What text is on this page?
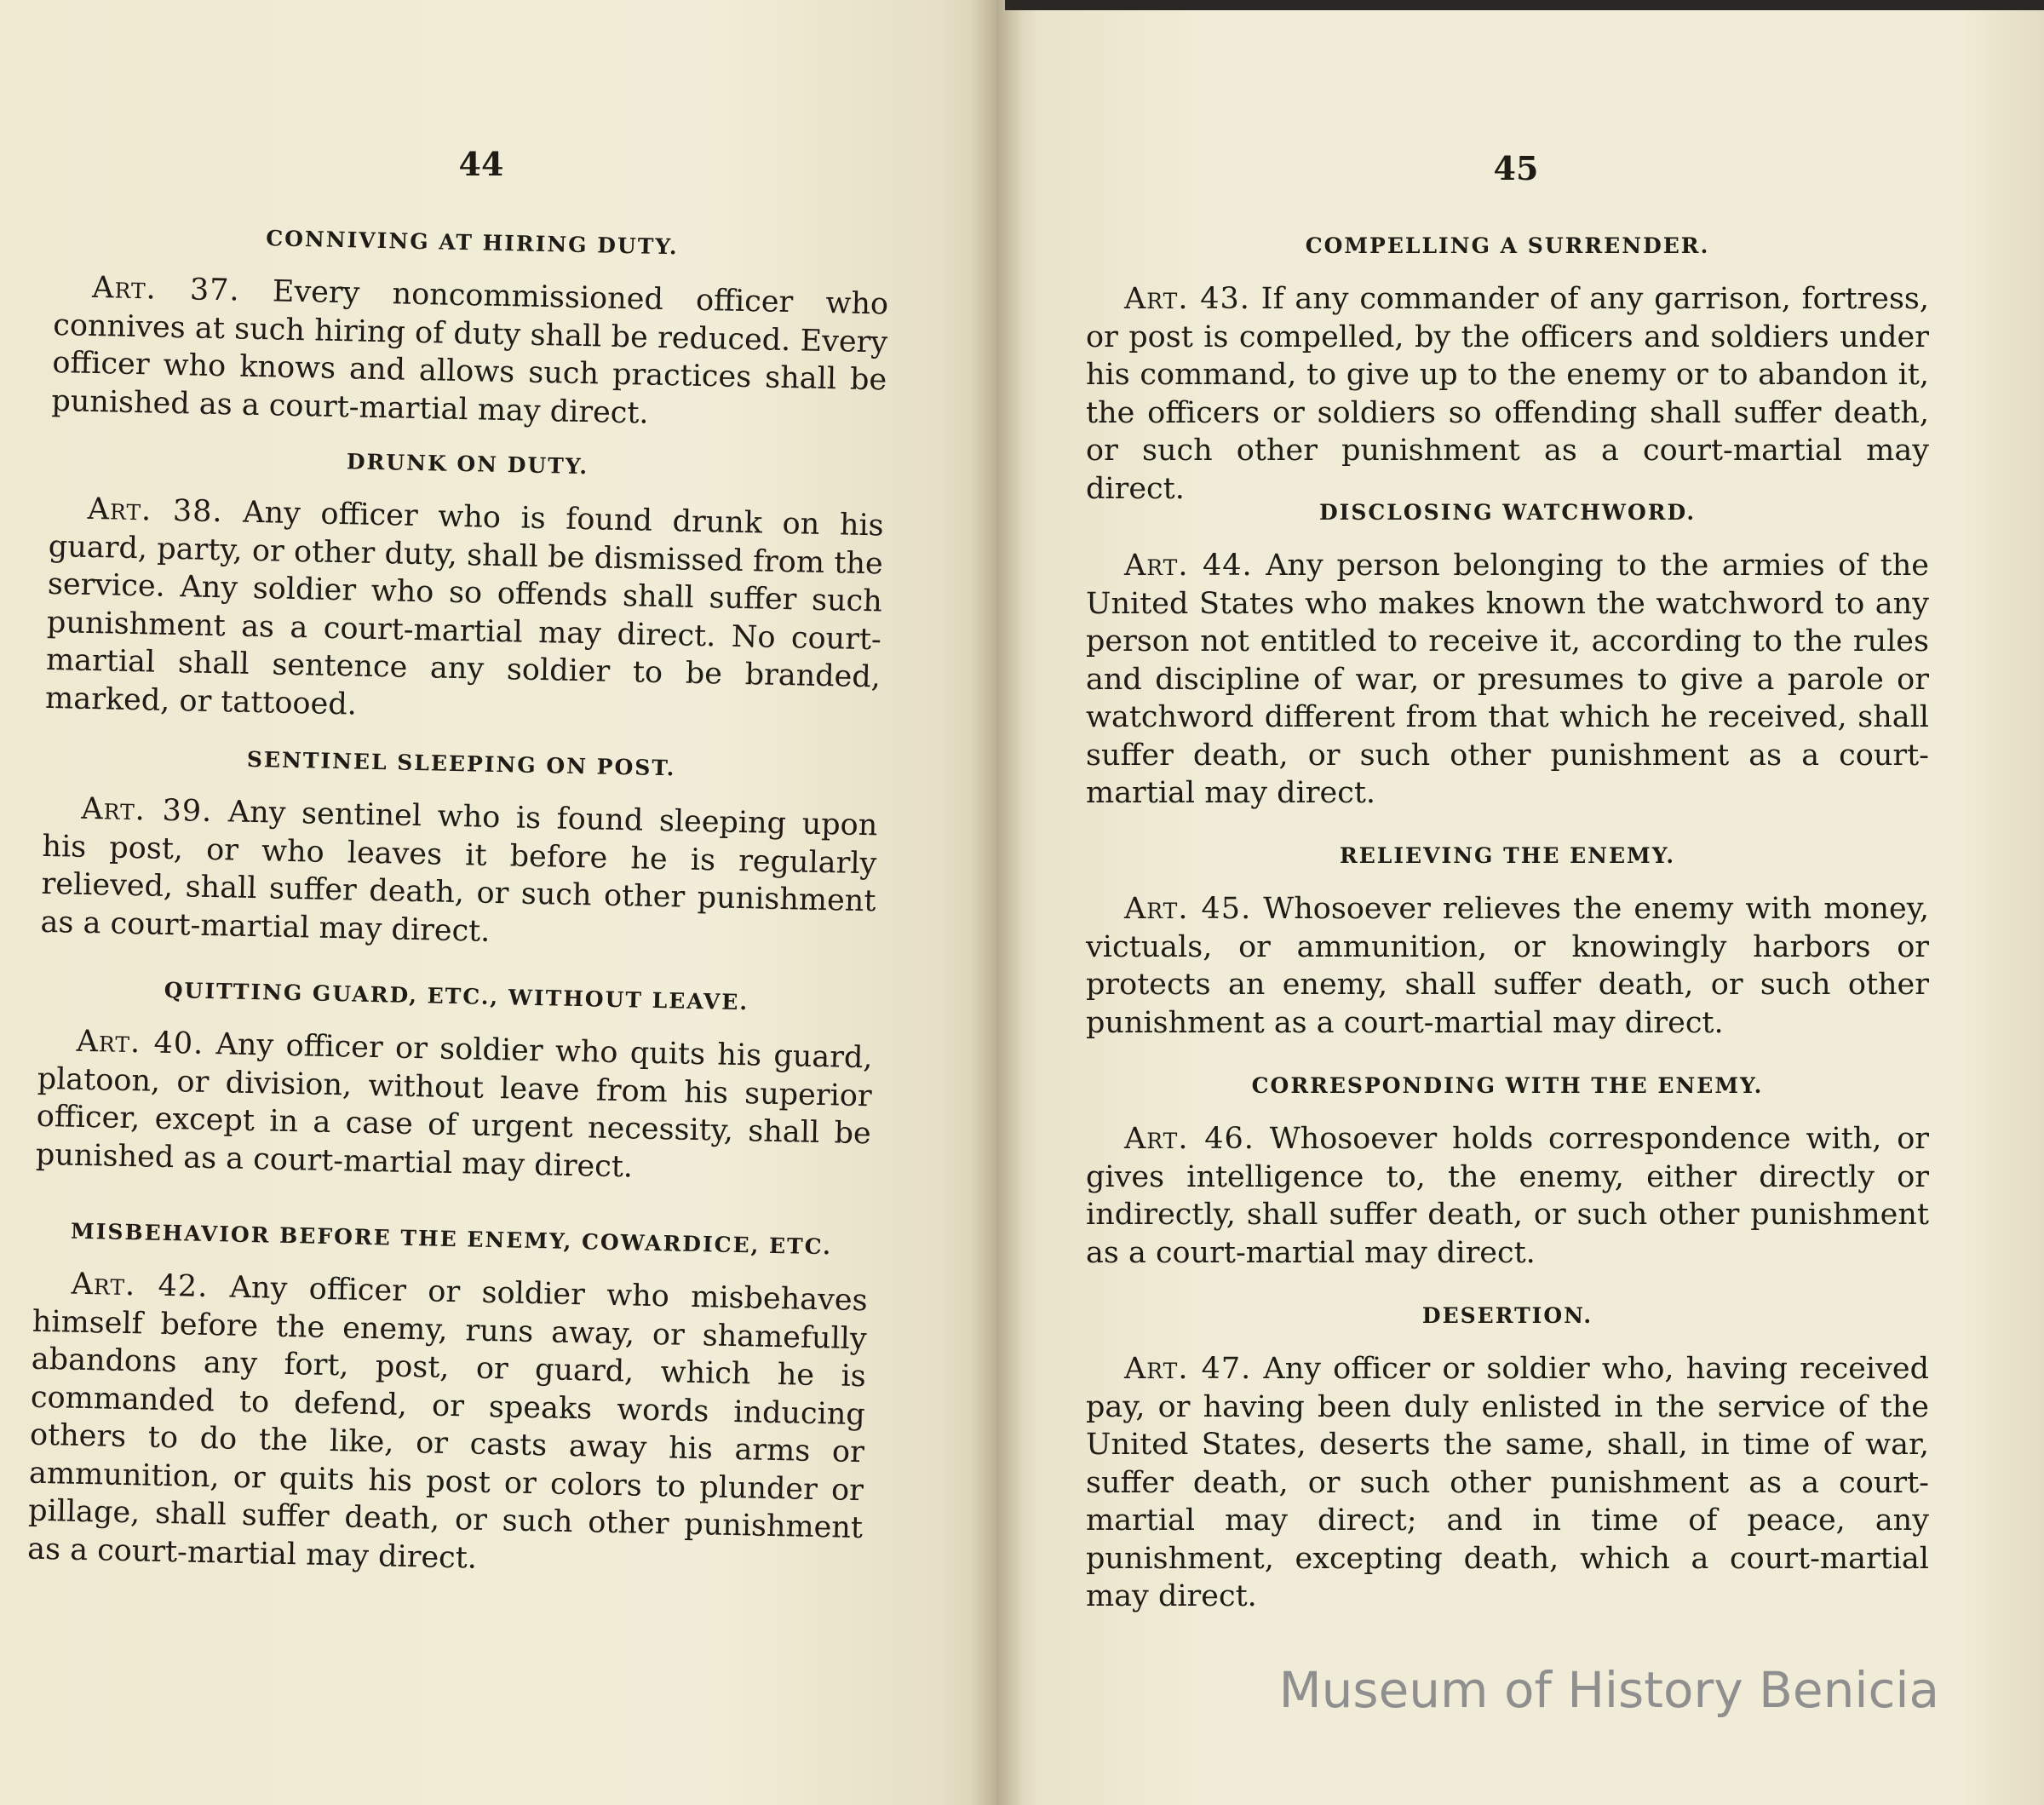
44	45
CONNIVING AT HIRING DUTY.

Art. 37. Every noncommissioned officer who connives at such hiring of duty shall be reduced. Every officer who knows and allows such practices shall be punished as a court-martial may direct.

DRUNK ON DUTY.

Art. 38. Any officer who is found drunk on his guard, party, or other duty, shall be dismissed from the service. Any soldier who so offends shall suffer such punishment as a court-martial may direct. No court-martial shall sentence any soldier to be branded, marked, or tattooed.

SENTINEL SLEEPING ON POST.

Art. 39. Any sentinel who is found sleeping upon his post, or who leaves it before he is regularly relieved, shall suffer death, or such other punishment as a court-martial may direct.

QUITTING GUARD, ETC., WITHOUT LEAVE.

Art. 40. Any officer or soldier who quits his guard, platoon, or division, without leave from his superior officer, except in a case of urgent necessity, shall be punished as a court-martial may direct.

MISBEHAVIOR BEFORE THE ENEMY, COWARDICE, ETC.

Art. 42. Any officer or soldier who misbehaves himself before the enemy, runs away, or shamefully abandons any fort, post, or guard, which he is commanded to defend, or speaks words inducing others to do the like, or casts away his arms or ammunition, or quits his post or colors to plunder or pillage, shall suffer death, or such other punishment as a court-martial may direct.

COMPELLING A SURRENDER.

Art. 43. If any commander of any garrison, fortress, or post is compelled, by the officers and soldiers under his command, to give up to the enemy or to abandon it, the officers or soldiers so offending shall suffer death, or such other punishment as a court-martial may direct.

DISCLOSING WATCHWORD.

Art. 44. Any person belonging to the armies of the United States who makes known the watchword to any person not entitled to receive it, according to the rules and discipline of war, or presumes to give a parole or watchword different from that which he received, shall suffer death, or such other punishment as a court-martial may direct.

RELIEVING THE ENEMY.

Art. 45. Whosoever relieves the enemy with money, victuals, or ammunition, or knowingly harbors or protects an enemy, shall suffer death, or such other punishment as a court-martial may direct.

CORRESPONDING WITH THE ENEMY.

Art. 46. Whosoever holds correspondence with, or gives intelligence to, the enemy, either directly or indirectly, shall suffer death, or such other punishment as a court-martial may direct.

DESERTION.

Art. 47. Any officer or soldier who, having received pay, or having been duly enlisted in the service of the United States, deserts the same, shall, in time of war, suffer death, or such other punishment as a court-martial may direct; and in time of peace, any punishment, excepting death, which a court-martial may direct.

Museum of History Benicia
